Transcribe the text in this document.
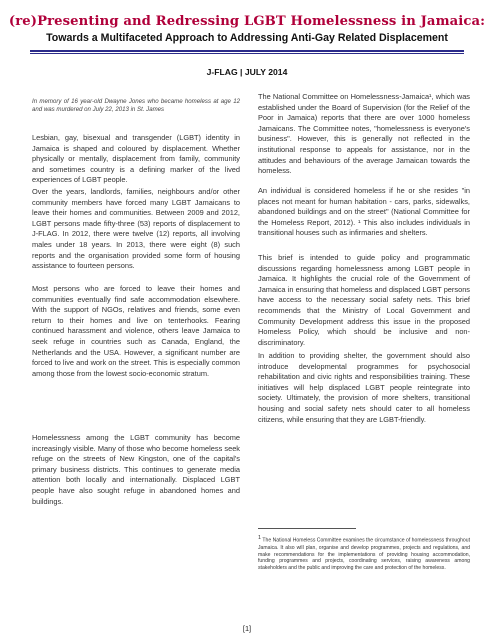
(re)Presenting and Redressing LGBT Homelessness in Jamaica:
Towards a Multifaceted Approach to Addressing Anti-Gay Related Displacement
J-FLAG | JULY 2014

In memory of 16 year-old Dwayne Jones who became homeless at age 12 and was murdered on July 22, 2013 in St. James

Lesbian, gay, bisexual and transgender (LGBT) identity in Jamaica is shaped and coloured by displacement. Whether physically or mentally, displacement from family, community and sometimes country is a defining marker of the lived experiences of LGBT people.

Over the years, landlords, families, neighbours and/or other community members have forced many LGBT Jamaicans to leave their homes and communities. Between 2009 and 2012, LGBT persons made fifty-three (53) reports of displacement to J-FLAG. In 2012, there were twelve (12) reports, all involving males under 18 years. In 2013, there were eight (8) such reports and the organisation provided some form of housing assistance to fourteen persons.

Most persons who are forced to leave their homes and communities eventually find safe accommodation elsewhere. With the support of NGOs, relatives and friends, some even return to their homes and live on tenterhooks. Fearing continued harassment and violence, others leave Jamaica to seek refuge in countries such as Canada, England, the Netherlands and the USA. However, a significant number are forced to live and work on the street. This is especially common among those from the lowest socio-economic stratum.

Homelessness among the LGBT community has become increasingly visible. Many of those who become homeless seek refuge on the streets of New Kingston, one of the capital's primary business districts. This continues to generate media attention both locally and internationally. Displaced LGBT people have also sought refuge in abandoned homes and buildings.

The National Committee on Homelessness-Jamaica¹, which was established under the Board of Supervision (for the Relief of the Poor in Jamaica) reports that there are over 1000 homeless Jamaicans. The Committee notes, "homelessness is everyone's business". However, this is generally not reflected in the institutional response to appeals for assistance, nor in the attitudes and behaviours of the average Jamaican towards the homeless.

An individual is considered homeless if he or she resides "in places not meant for human habitation - cars, parks, sidewalks, abandoned buildings and on the street" (National Committee for the Homeless Report, 2012). ¹ This also includes individuals in transitional houses such as infirmaries and shelters.

This brief is intended to guide policy and programmatic discussions regarding homelessness among LGBT people in Jamaica. It highlights the crucial role of the Government of Jamaica in ensuring that homeless and displaced LGBT persons have access to the necessary social safety nets. This brief recommends that the Ministry of Local Government and Community Development address this issue in the proposed Homeless Policy, which should be inclusive and non-discriminatory.

In addition to providing shelter, the government should also introduce developmental programmes for psychosocial rehabilitation and civic rights and responsibilities training. These initiatives will help displaced LGBT people reintegrate into society. Ultimately, the provision of more shelters, transitional housing and social safety nets should cater to all homeless citizens, while ensuring that they are LGBT-friendly.

$^1$ The National Homeless Committee examines the circumstance of homelessness throughout Jamaica. It also will plan, organise and develop programmes, projects and regulations, and make recommendations for the implementations of providing housing accommodation, funding programmes and projects, coordinating services, raising awareness among stakeholders and the public and improving the care and protection of the homeless.

[1]
